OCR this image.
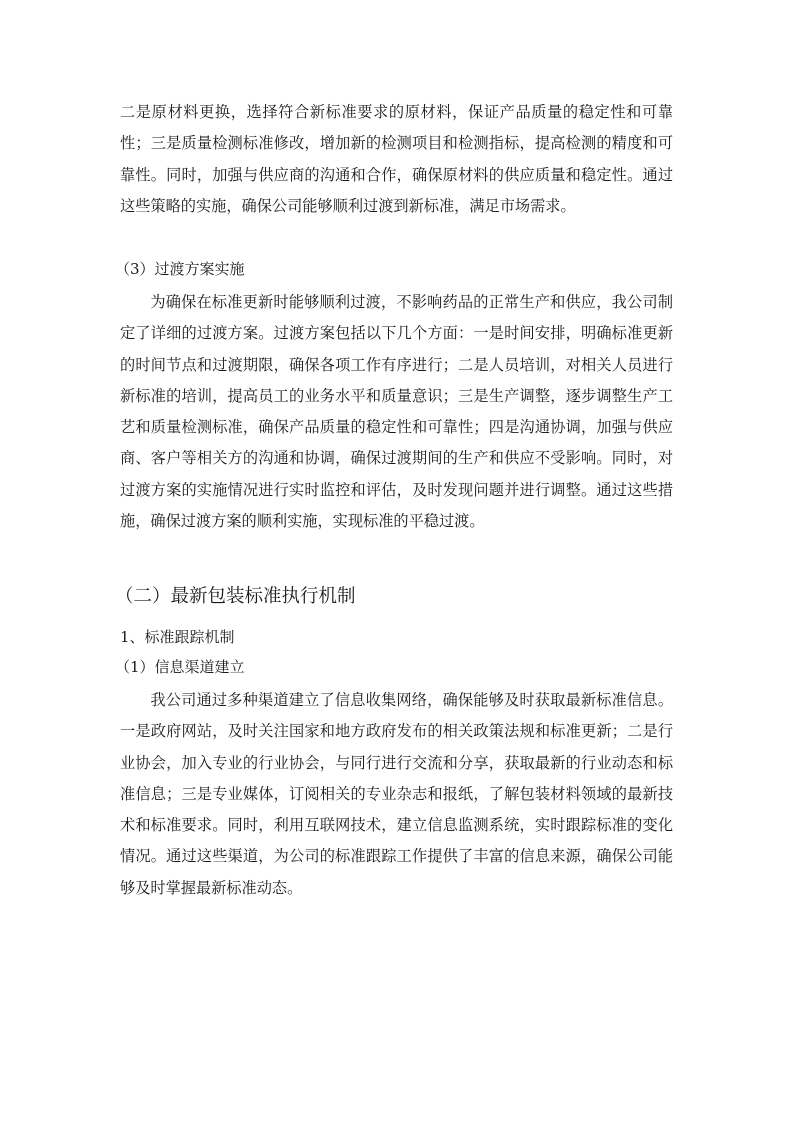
二是原材料更换，选择符合新标准要求的原材料，保证产品质量的稳定性和可靠性；三是质量检测标准修改，增加新的检测项目和检测指标，提高检测的精度和可靠性。同时，加强与供应商的沟通和合作，确保原材料的供应质量和稳定性。通过这些策略的实施，确保公司能够顺利过渡到新标准，满足市场需求。

（3）过渡方案实施

为确保在标准更新时能够顺利过渡，不影响药品的正常生产和供应，我公司制定了详细的过渡方案。过渡方案包括以下几个方面：一是时间安排，明确标准更新的时间节点和过渡期限，确保各项工作有序进行；二是人员培训，对相关人员进行新标准的培训，提高员工的业务水平和质量意识；三是生产调整，逐步调整生产工艺和质量检测标准，确保产品质量的稳定性和可靠性；四是沟通协调，加强与供应商、客户等相关方的沟通和协调，确保过渡期间的生产和供应不受影响。同时，对过渡方案的实施情况进行实时监控和评估，及时发现问题并进行调整。通过这些措施，确保过渡方案的顺利实施，实现标准的平稳过渡。

（二）最新包装标准执行机制
1、标准跟踪机制
（1）信息渠道建立

我公司通过多种渠道建立了信息收集网络，确保能够及时获取最新标准信息。一是政府网站，及时关注国家和地方政府发布的相关政策法规和标准更新；二是行业协会，加入专业的行业协会，与同行进行交流和分享，获取最新的行业动态和标准信息；三是专业媒体，订阅相关的专业杂志和报纸，了解包装材料领域的最新技术和标准要求。同时，利用互联网技术，建立信息监测系统，实时跟踪标准的变化情况。通过这些渠道，为公司的标准跟踪工作提供了丰富的信息来源，确保公司能够及时掌握最新标准动态。
